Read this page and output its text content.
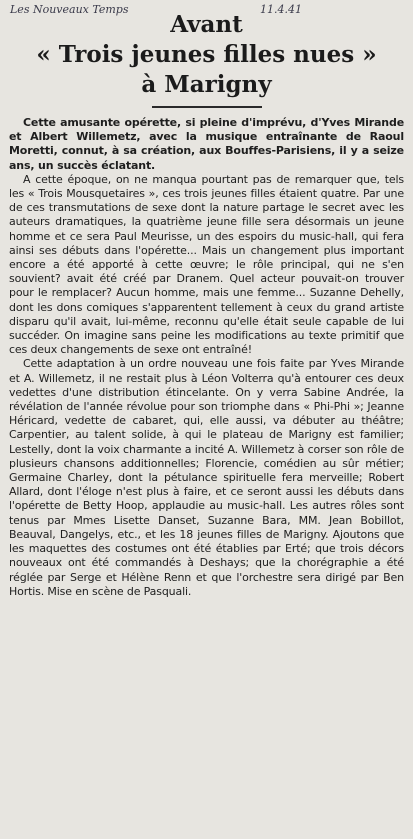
Les Nouveaux Temps	11.4.41
Avant
« Trois jeunes filles nues »
à Marigny

Cette amusante opérette, si pleine d'imprévu, d'Yves Mirande et Albert Willemetz, avec la musique entraînante de Raoul Moretti, connut, à sa création, aux Bouffes-Parisiens, il y a seize ans, un succès éclatant.

A cette époque, on ne manqua pourtant pas de remarquer que, tels les « Trois Mousquetaires », ces trois jeunes filles étaient quatre. Par une de ces transmutations de sexe dont la nature partage le secret avec les auteurs dramatiques, la quatrième jeune fille sera désormais un jeune homme et ce sera Paul Meurisse, un des espoirs du music-hall, qui fera ainsi ses débuts dans l'opérette... Mais un changement plus important encore a été apporté à cette œuvre; le rôle principal, qui ne s'en souvient? avait été créé par Dranem. Quel acteur pouvait-on trouver pour le remplacer? Aucun homme, mais une femme... Suzanne Dehelly, dont les dons comiques s'apparentent tellement à ceux du grand artiste disparu qu'il avait, lui-même, reconnu qu'elle était seule capable de lui succéder. On imagine sans peine les modifications au texte primitif que ces deux changements de sexe ont entraîné!

Cette adaptation à un ordre nouveau une fois faite par Yves Mirande et A. Willemetz, il ne restait plus à Léon Volterra qu'à entourer ces deux vedettes d'une distribution étincelante. On y verra Sabine Andrée, la révélation de l'année révolue pour son triomphe dans « Phi-Phi »; Jeanne Héricard, vedette de cabaret, qui, elle aussi, va débuter au théâtre; Carpentier, au talent solide, à qui le plateau de Marigny est familier; Lestelly, dont la voix charmante a incité A. Willemetz à corser son rôle de plusieurs chansons additionnelles; Florencie, comédien au sûr métier; Germaine Charley, dont la pétulance spirituelle fera merveille; Robert Allard, dont l'éloge n'est plus à faire, et ce seront aussi les débuts dans l'opérette de Betty Hoop, applaudie au music-hall. Les autres rôles sont tenus par Mmes Lisette Danset, Suzanne Bara, MM. Jean Bobillot, Beauval, Dangelys, etc., et les 18 jeunes filles de Marigny. Ajoutons que les maquettes des costumes ont été établies par Erté; que trois décors nouveaux ont été commandés à Deshays; que la chorégraphie a été réglée par Serge et Hélène Renn et que l'orchestre sera dirigé par Ben Hortis. Mise en scène de Pasquali.
